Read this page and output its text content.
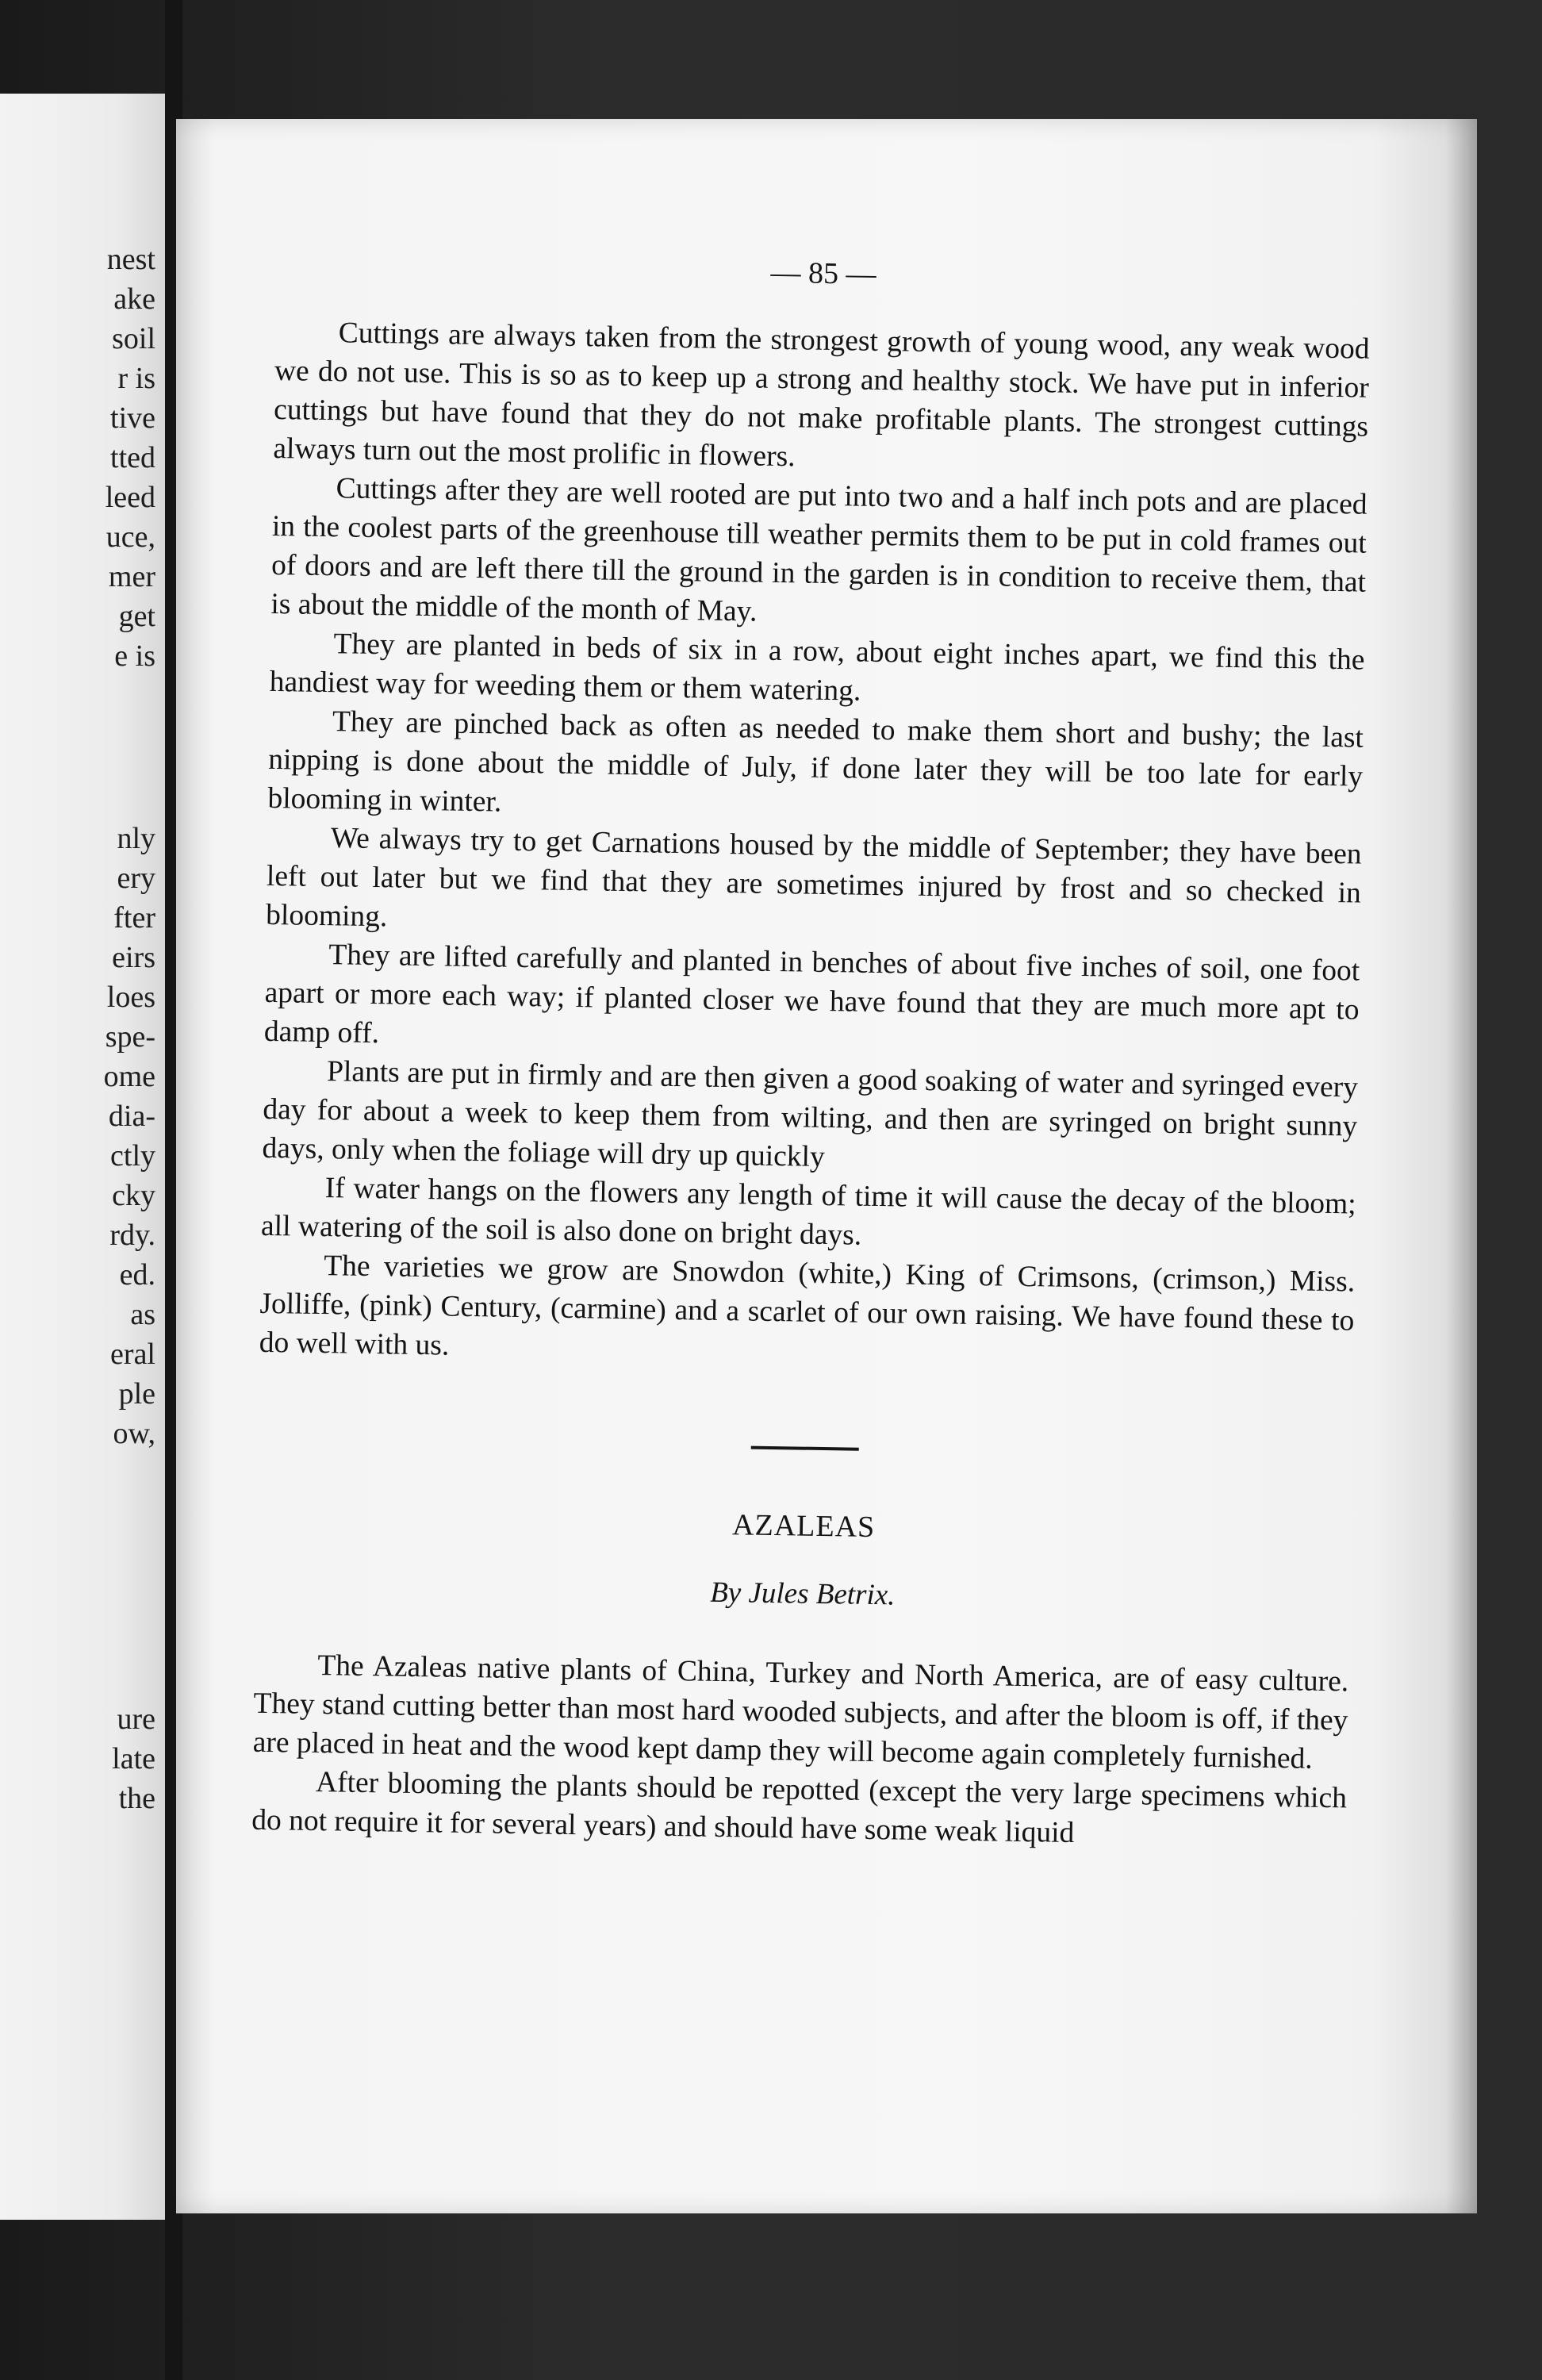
nest
ake
soil
r is
tive
tted
leed
uce,
mer
get
e is
nly
ery
fter
eirs
loes
spe-
ome
dia-
ctly
cky
rdy.
ed.
as
eral
ple
ow,
ure
late
the
— 85 —

Cuttings are always taken from the strongest growth of young wood, any weak wood we do not use. This is so as to keep up a strong and healthy stock. We have put in inferior cuttings but have found that they do not make profitable plants. The strongest cuttings always turn out the most prolific in flowers.

Cuttings after they are well rooted are put into two and a half inch pots and are placed in the coolest parts of the greenhouse till weather permits them to be put in cold frames out of doors and are left there till the ground in the garden is in condition to receive them, that is about the middle of the month of May.

They are planted in beds of six in a row, about eight inches apart, we find this the handiest way for weeding them or them watering.

They are pinched back as often as needed to make them short and bushy; the last nipping is done about the middle of July, if done later they will be too late for early blooming in winter.

We always try to get Carnations housed by the middle of September; they have been left out later but we find that they are sometimes injured by frost and so checked in blooming.

They are lifted carefully and planted in benches of about five inches of soil, one foot apart or more each way; if planted closer we have found that they are much more apt to damp off.

Plants are put in firmly and are then given a good soaking of water and syringed every day for about a week to keep them from wilting, and then are syringed on bright sunny days, only when the foliage will dry up quickly

If water hangs on the flowers any length of time it will cause the decay of the bloom; all watering of the soil is also done on bright days.

The varieties we grow are Snowdon (white,) King of Crimsons, (crimson,) Miss. Jolliffe, (pink) Century, (carmine) and a scarlet of our own raising. We have found these to do well with us.

AZALEAS
By Jules Betrix.

The Azaleas native plants of China, Turkey and North America, are of easy culture. They stand cutting better than most hard wooded subjects, and after the bloom is off, if they are placed in heat and the wood kept damp they will become again completely furnished.

After blooming the plants should be repotted (except the very large specimens which do not require it for several years) and should have some weak liquid
